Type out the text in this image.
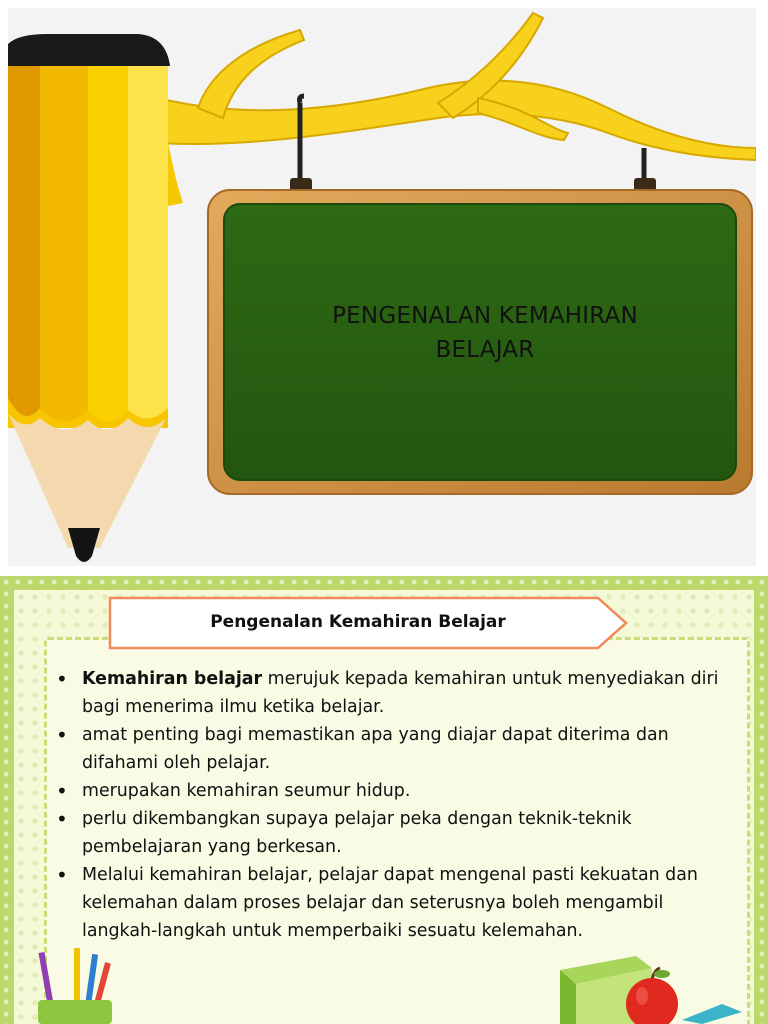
PENGENALAN KEMAHIRAN BELAJAR
Pengenalan Kemahiran Belajar
• Kemahiran belajar merujuk kepada kemahiran untuk menyediakan diri bagi menerima ilmu ketika belajar.
• amat penting bagi memastikan apa yang diajar dapat diterima dan difahami oleh pelajar.
• merupakan kemahiran seumur hidup.
• perlu dikembangkan supaya pelajar peka dengan teknik-teknik pembelajaran yang berkesan.
• Melalui kemahiran belajar, pelajar dapat mengenal pasti kekuatan dan kelemahan dalam proses belajar dan seterusnya boleh mengambil langkah-langkah untuk memperbaiki sesuatu kelemahan.
